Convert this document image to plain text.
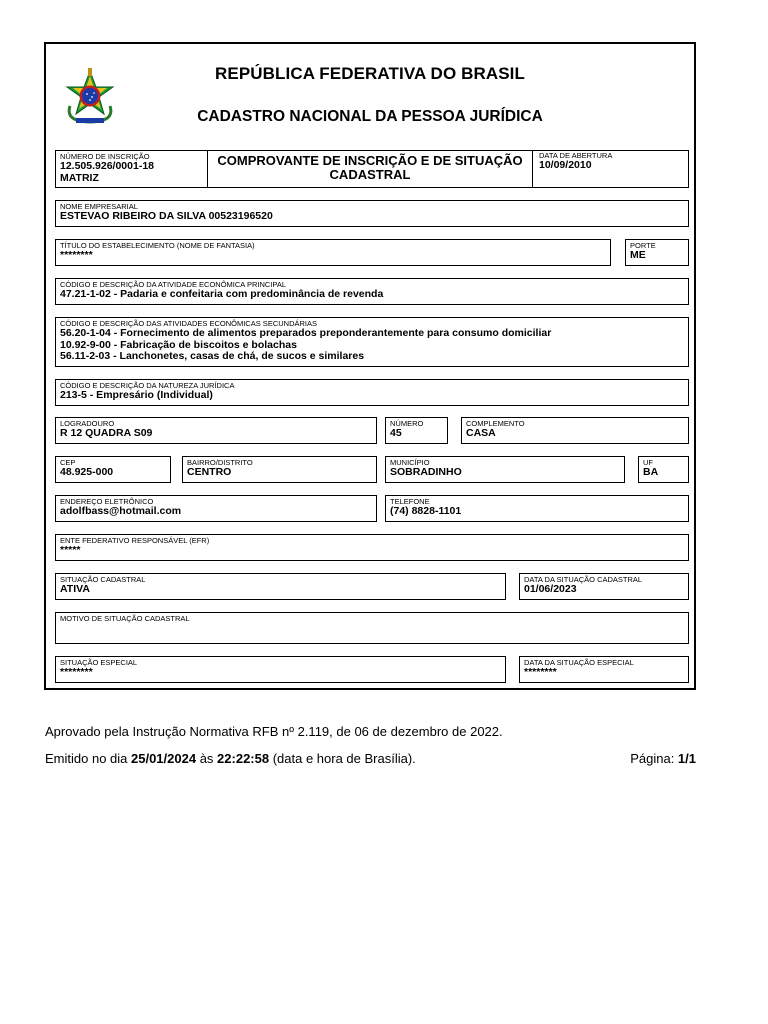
REPÚBLICA FEDERATIVA DO BRASIL
CADASTRO NACIONAL DA PESSOA JURÍDICA
NÚMERO DE INSCRIÇÃO
12.505.926/0001-18
MATRIZ
COMPROVANTE DE INSCRIÇÃO E DE SITUAÇÃO
CADASTRAL
DATA DE ABERTURA
10/09/2010
NOME EMPRESARIAL
ESTEVAO RIBEIRO DA SILVA 00523196520
TÍTULO DO ESTABELECIMENTO (NOME DE FANTASIA)
********
PORTE
ME
CÓDIGO E DESCRIÇÃO DA ATIVIDADE ECONÔMICA PRINCIPAL
47.21-1-02 - Padaria e confeitaria com predominância de revenda
CÓDIGO E DESCRIÇÃO DAS ATIVIDADES ECONÔMICAS SECUNDÁRIAS
56.20-1-04 - Fornecimento de alimentos preparados preponderantemente para consumo domiciliar
10.92-9-00 - Fabricação de biscoitos e bolachas
56.11-2-03 - Lanchonetes, casas de chá, de sucos e similares
CÓDIGO E DESCRIÇÃO DA NATUREZA JURÍDICA
213-5 - Empresário (Individual)
LOGRADOURO
R 12 QUADRA S09
NÚMERO
45
COMPLEMENTO
CASA
CEP
48.925-000
BAIRRO/DISTRITO
CENTRO
MUNICÍPIO
SOBRADINHO
UF
BA
ENDEREÇO ELETRÔNICO
adolfbass@hotmail.com
TELEFONE
(74) 8828-1101
ENTE FEDERATIVO RESPONSÁVEL (EFR)
*****
SITUAÇÃO CADASTRAL
ATIVA
DATA DA SITUAÇÃO CADASTRAL
01/06/2023
MOTIVO DE SITUAÇÃO CADASTRAL
SITUAÇÃO ESPECIAL
********
DATA DA SITUAÇÃO ESPECIAL
********
Aprovado pela Instrução Normativa RFB nº 2.119, de 06 de dezembro de 2022.
Emitido no dia 25/01/2024 às 22:22:58 (data e hora de Brasília).	Página: 1/1
